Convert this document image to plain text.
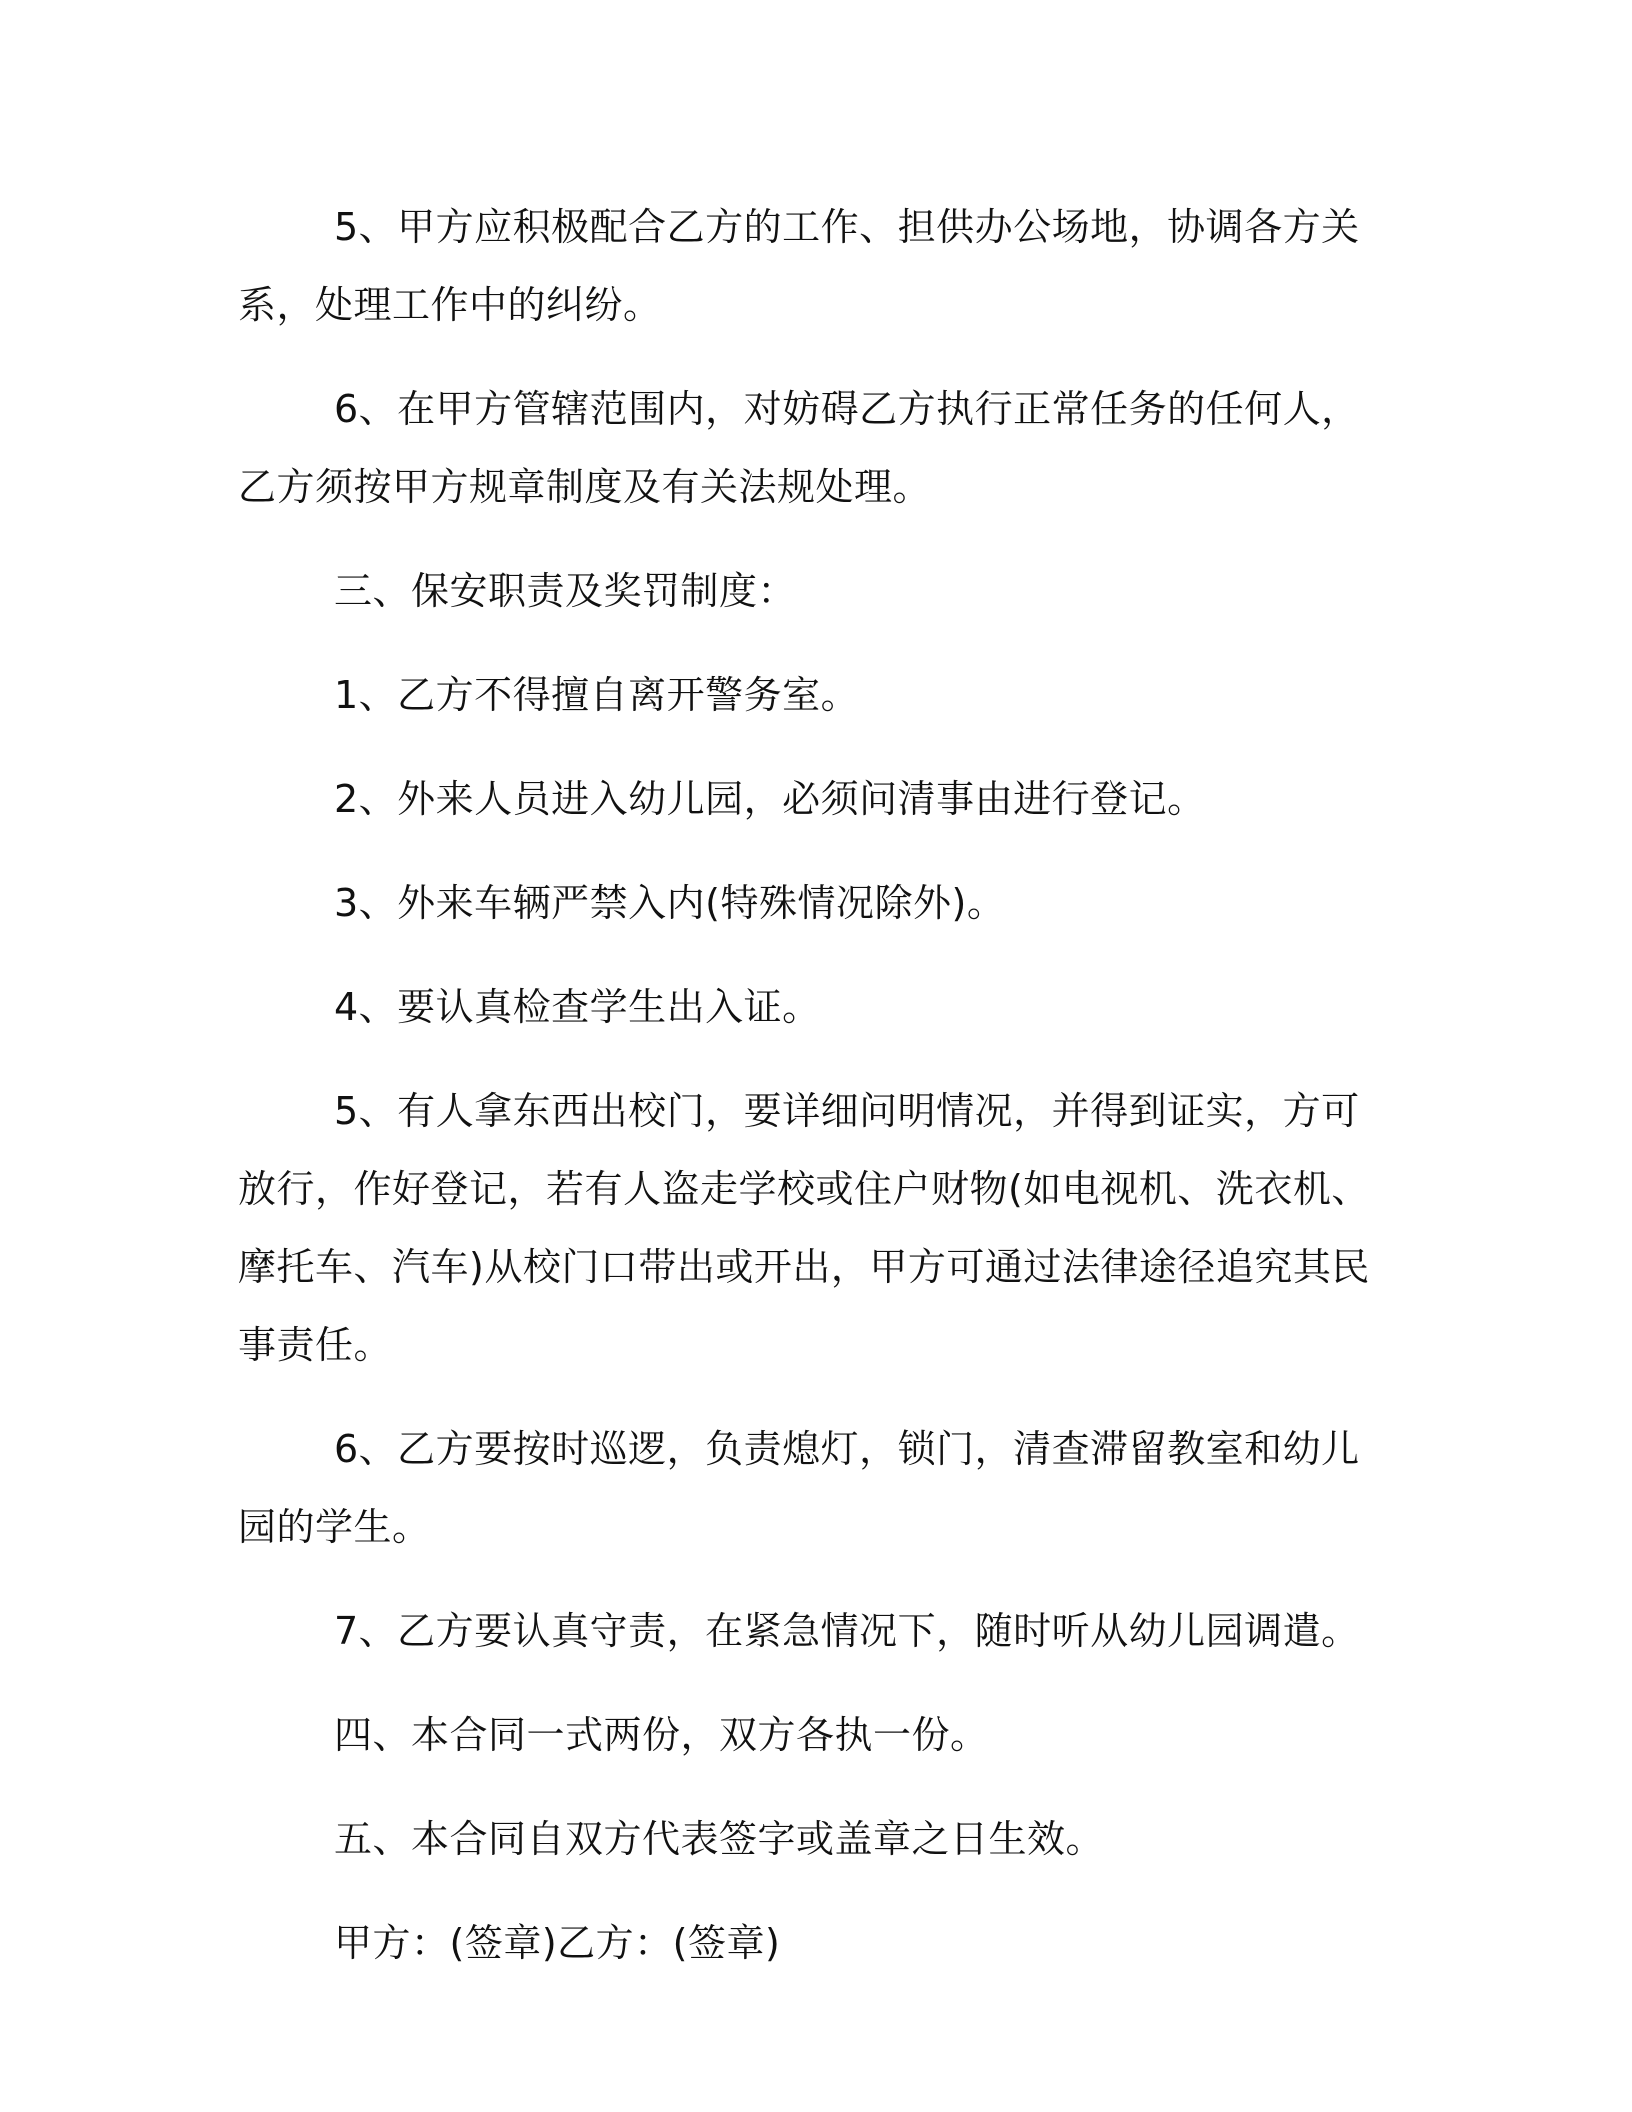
5、甲方应积极配合乙方的工作、担供办公场地，协调各方关系，处理工作中的纠纷。

6、在甲方管辖范围内，对妨碍乙方执行正常任务的任何人，乙方须按甲方规章制度及有关法规处理。

三、保安职责及奖罚制度：

1、乙方不得擅自离开警务室。

2、外来人员进入幼儿园，必须问清事由进行登记。

3、外来车辆严禁入内(特殊情况除外)。

4、要认真检查学生出入证。

5、有人拿东西出校门，要详细问明情况，并得到证实，方可放行，作好登记，若有人盗走学校或住户财物(如电视机、洗衣机、摩托车、汽车)从校门口带出或开出，甲方可通过法律途径追究其民事责任。

6、乙方要按时巡逻，负责熄灯，锁门，清查滞留教室和幼儿园的学生。

7、乙方要认真守责，在紧急情况下，随时听从幼儿园调遣。

四、本合同一式两份，双方各执一份。

五、本合同自双方代表签字或盖章之日生效。

甲方：(签章)乙方：(签章)
